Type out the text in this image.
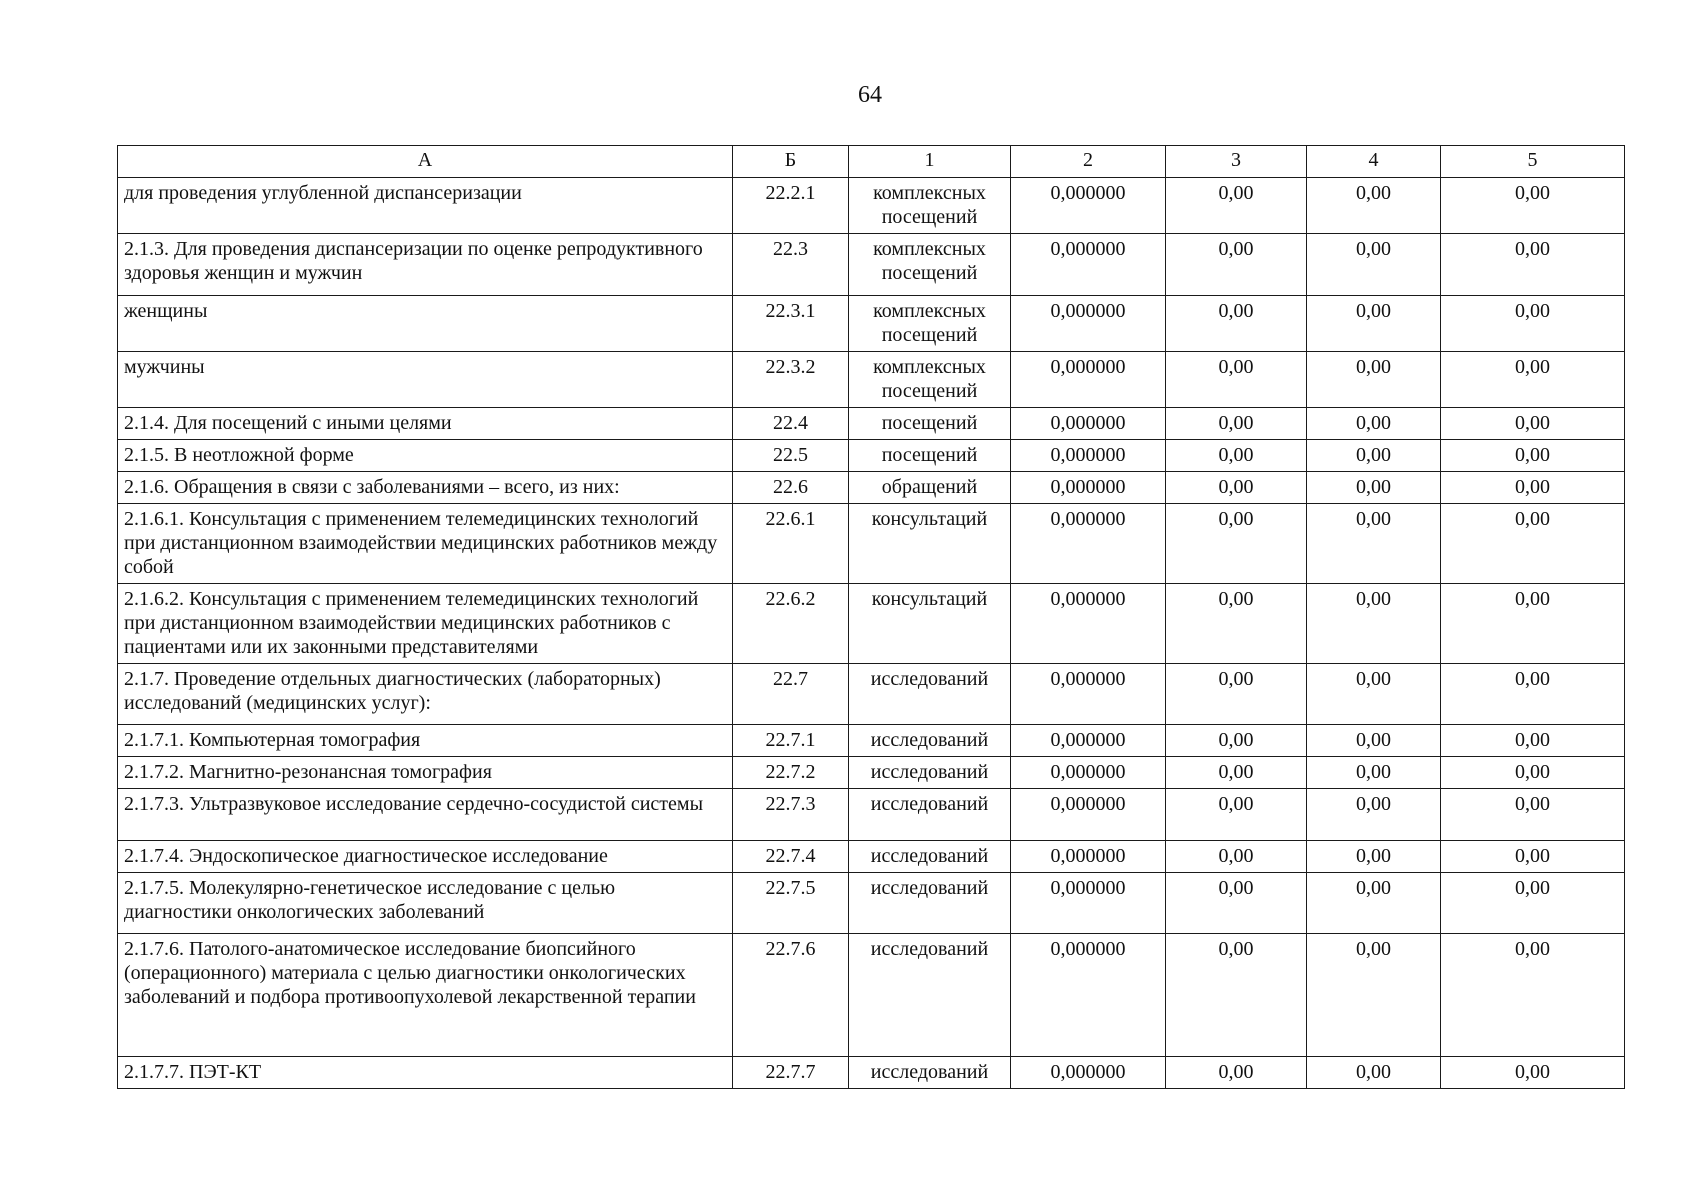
64
А	Б	1	2	3	4	5
для проведения углубленной диспансеризации	22.2.1	комплексных посещений	0,000000	0,00	0,00	0,00
2.1.3. Для проведения диспансеризации по оценке репродуктивного здоровья женщин и мужчин	22.3	комплексных посещений	0,000000	0,00	0,00	0,00
женщины	22.3.1	комплексных посещений	0,000000	0,00	0,00	0,00
мужчины	22.3.2	комплексных посещений	0,000000	0,00	0,00	0,00
2.1.4. Для посещений с иными целями	22.4	посещений	0,000000	0,00	0,00	0,00
2.1.5. В неотложной форме	22.5	посещений	0,000000	0,00	0,00	0,00
2.1.6. Обращения в связи с заболеваниями – всего, из них:	22.6	обращений	0,000000	0,00	0,00	0,00
2.1.6.1. Консультация с применением телемедицинских технологий при дистанционном взаимодействии медицинских работников между собой	22.6.1	консультаций	0,000000	0,00	0,00	0,00
2.1.6.2. Консультация с применением телемедицинских технологий при дистанционном взаимодействии медицинских работников с пациентами или их законными представителями	22.6.2	консультаций	0,000000	0,00	0,00	0,00
2.1.7. Проведение отдельных диагностических (лабораторных) исследований (медицинских услуг):	22.7	исследований	0,000000	0,00	0,00	0,00
2.1.7.1. Компьютерная томография	22.7.1	исследований	0,000000	0,00	0,00	0,00
2.1.7.2. Магнитно-резонансная томография	22.7.2	исследований	0,000000	0,00	0,00	0,00
2.1.7.3. Ультразвуковое исследование сердечно-сосудистой системы	22.7.3	исследований	0,000000	0,00	0,00	0,00
2.1.7.4. Эндоскопическое диагностическое исследование	22.7.4	исследований	0,000000	0,00	0,00	0,00
2.1.7.5. Молекулярно-генетическое исследование с целью диагностики онкологических заболеваний	22.7.5	исследований	0,000000	0,00	0,00	0,00
2.1.7.6. Патолого-анатомическое исследование биопсийного (операционного) материала с целью диагностики онкологических заболеваний и подбора противоопухолевой лекарственной терапии	22.7.6	исследований	0,000000	0,00	0,00	0,00
2.1.7.7. ПЭТ-КТ	22.7.7	исследований	0,000000	0,00	0,00	0,00
